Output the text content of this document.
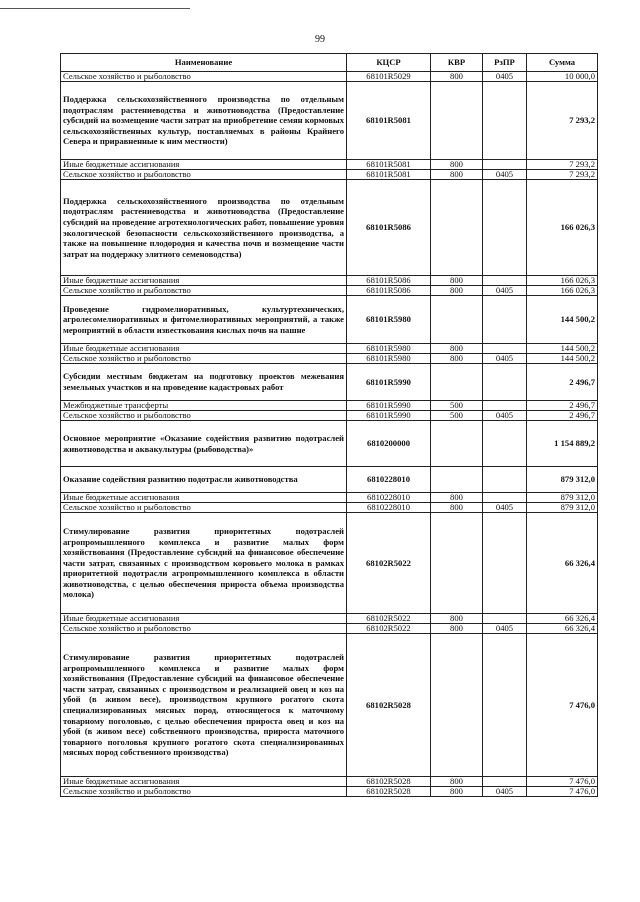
99
Наименование	КЦСР	КВР	РзПР	Сумма
Сельское хозяйство и рыболовство	68101R5029	800	0405	10 000,0
Поддержка сельскохозяйственного производства по отдельным подотраслям растениеводства и животноводства (Предоставление субсидий на возмещение части затрат на приобретение семян кормовых сельскохозяйственных культур, поставляемых в районы Крайнего Севера и приравненные к ним местности)	68101R5081			7 293,2
Иные бюджетные ассигнования	68101R5081	800		7 293,2
Сельское хозяйство и рыболовство	68101R5081	800	0405	7 293,2
Поддержка сельскохозяйственного производства по отдельным подотраслям растениеводства и животноводства (Предоставление субсидий на проведение агротехнологических работ, повышение уровня экологической безопасности сельскохозяйственного производства, а также на повышение плодородия и качества почв и возмещение части затрат на поддержку элитного семеноводства)	68101R5086			166 026,3
Иные бюджетные ассигнования	68101R5086	800		166 026,3
Сельское хозяйство и рыболовство	68101R5086	800	0405	166 026,3
Проведение гидромелиоративных, культуртехнических, агролесомелиоративных и фитомелиоративных мероприятий, а также мероприятий в области известкования кислых почв на пашне	68101R5980			144 500,2
Иные бюджетные ассигнования	68101R5980	800		144 500,2
Сельское хозяйство и рыболовство	68101R5980	800	0405	144 500,2
Субсидии местным бюджетам на подготовку проектов межевания земельных участков и на проведение кадастровых работ	68101R5990			2 496,7
Межбюджетные трансферты	68101R5990	500		2 496,7
Сельское хозяйство и рыболовство	68101R5990	500	0405	2 496,7
Основное мероприятие «Оказание содействия развитию подотраслей животноводства и аквакультуры (рыбоводства)»	6810200000			1 154 889,2
Оказание содействия развитию подотрасли животноводства	6810228010			879 312,0
Иные бюджетные ассигнования	6810228010	800		879 312,0
Сельское хозяйство и рыболовство	6810228010	800	0405	879 312,0
Стимулирование развития приоритетных подотраслей агропромышленного комплекса и развитие малых форм хозяйствования (Предоставление субсидий на финансовое обеспечение части затрат, связанных с производством коровьего молока в рамках приоритетной подотрасли агропромышленного комплекса в области животноводства, с целью обеспечения прироста объема производства молока)	68102R5022			66 326,4
Иные бюджетные ассигнования	68102R5022	800		66 326,4
Сельское хозяйство и рыболовство	68102R5022	800	0405	66 326,4
Стимулирование развития приоритетных подотраслей агропромышленного комплекса и развитие малых форм хозяйствования (Предоставление субсидий на финансовое обеспечение части затрат, связанных с производством и реализацией овец и коз на убой (в живом весе), производством крупного рогатого скота специализированных мясных пород, относящегося к маточному товарному поголовью, с целью обеспечения прироста овец и коз на убой (в живом весе) собственного производства, прироста маточного товарного поголовья крупного рогатого скота специализированных мясных пород собственного производства)	68102R5028			7 476,0
Иные бюджетные ассигнования	68102R5028	800		7 476,0
Сельское хозяйство и рыболовство	68102R5028	800	0405	7 476,0
